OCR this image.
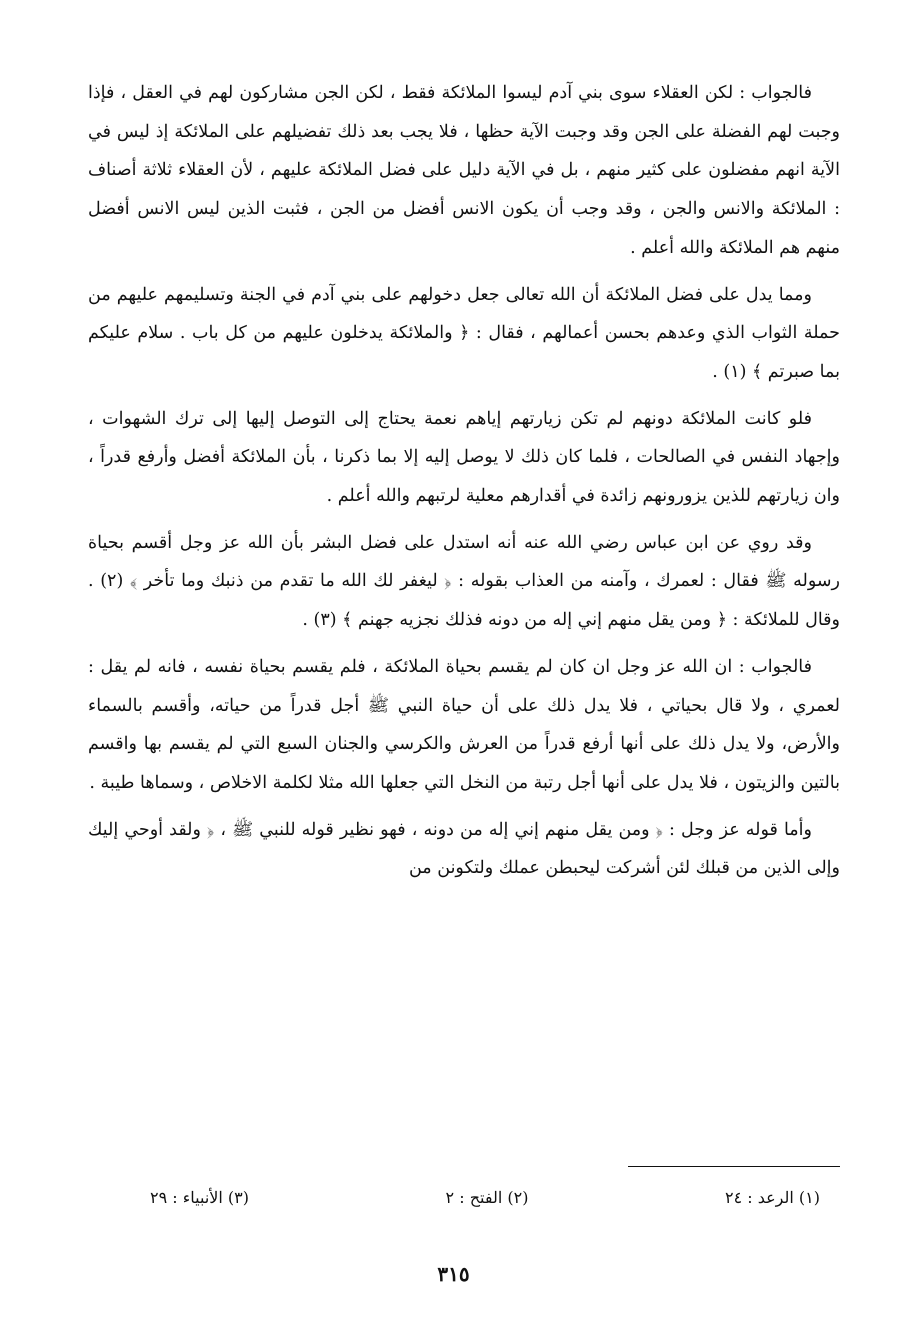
فالجواب : لكن العقلاء سوى بني آدم ليسوا الملائكة فقط ، لكن الجن مشاركون لهم في العقل ، فإذا وجبت لهم الفضلة على الجن وقد وجبت الآية حظها ، فلا يجب بعد ذلك تفضيلهم على الملائكة إذ ليس في الآية انهم مفضلون على كثير منهم ، بل في الآية دليل على فضل الملائكة عليهم ، لأن العقلاء ثلاثة أصناف : الملائكة والانس والجن ، وقد وجب أن يكون الانس أفضل من الجن ، فثبت الذين ليس الانس أفضل منهم هم الملائكة والله أعلم .

ومما يدل على فضل الملائكة أن الله تعالى جعل دخولهم على بني آدم في الجنة وتسليمهم عليهم من حملة الثواب الذي وعدهم بحسن أعمالهم ، فقال : ﴿ والملائكة يدخلون عليهم من كل باب . سلام عليكم بما صبرتم ﴾ (١) .

فلو كانت الملائكة دونهم لم تكن زيارتهم إياهم نعمة يحتاج إلى التوصل إليها إلى ترك الشهوات ، وإجهاد النفس في الصالحات ، فلما كان ذلك لا يوصل إليه إلا بما ذكرنا ، بأن الملائكة أفضل وأرفع قدراً ، وان زيارتهم للذين يزورونهم زائدة في أقدارهم معلية لرتبهم والله أعلم .

وقد روي عن ابن عباس رضي الله عنه أنه استدل على فضل البشر بأن الله عز وجل أقسم بحياة رسوله ﷺ فقال : لعمرك ، وآمنه من العذاب بقوله : ﴿ ليغفر لك الله ما تقدم من ذنبك وما تأخر ﴾ (٢) . وقال للملائكة : ﴿ ومن يقل منهم إني إله من دونه فذلك نجزيه جهنم ﴾ (٣) .

فالجواب : ان الله عز وجل ان كان لم يقسم بحياة الملائكة ، فلم يقسم بحياة نفسه ، فانه لم يقل : لعمري ، ولا قال بحياتي ، فلا يدل ذلك على أن حياة النبي ﷺ أجل قدراً من حياته، وأقسم بالسماء والأرض، ولا يدل ذلك على أنها أرفع قدراً من العرش والكرسي والجنان السبع التي لم يقسم بها واقسم بالتين والزيتون ، فلا يدل على أنها أجل رتبة من النخل التي جعلها الله مثلا لكلمة الاخلاص ، وسماها طيبة .

وأما قوله عز وجل : ﴿ ومن يقل منهم إني إله من دونه ، فهو نظير قوله للنبي ﷺ ، ﴿ ولقد أوحي إليك وإلى الذين من قبلك لئن أشركت ليحبطن عملك ولتكونن من

(١) الرعد : ٢٤
(٢) الفتح : ٢
(٣) الأنبياء : ٢٩
٣١٥
